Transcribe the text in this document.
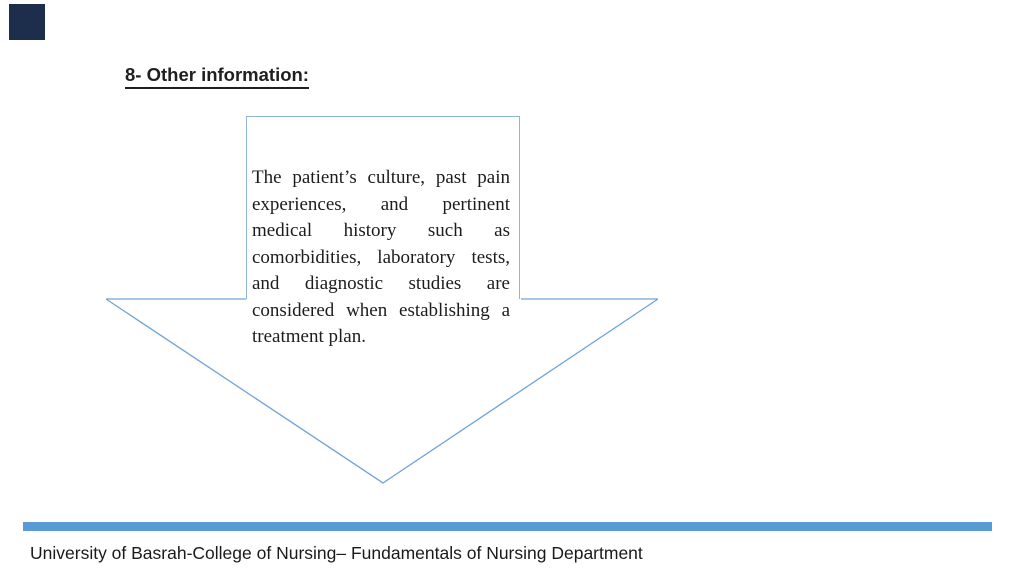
8- Other information:
The patient’s culture, past pain
experiences, and pertinent
medical history such as
comorbidities, laboratory tests,
and diagnostic studies are
considered when establishing a
treatment plan.
University of Basrah-College of Nursing– Fundamentals of Nursing Department
